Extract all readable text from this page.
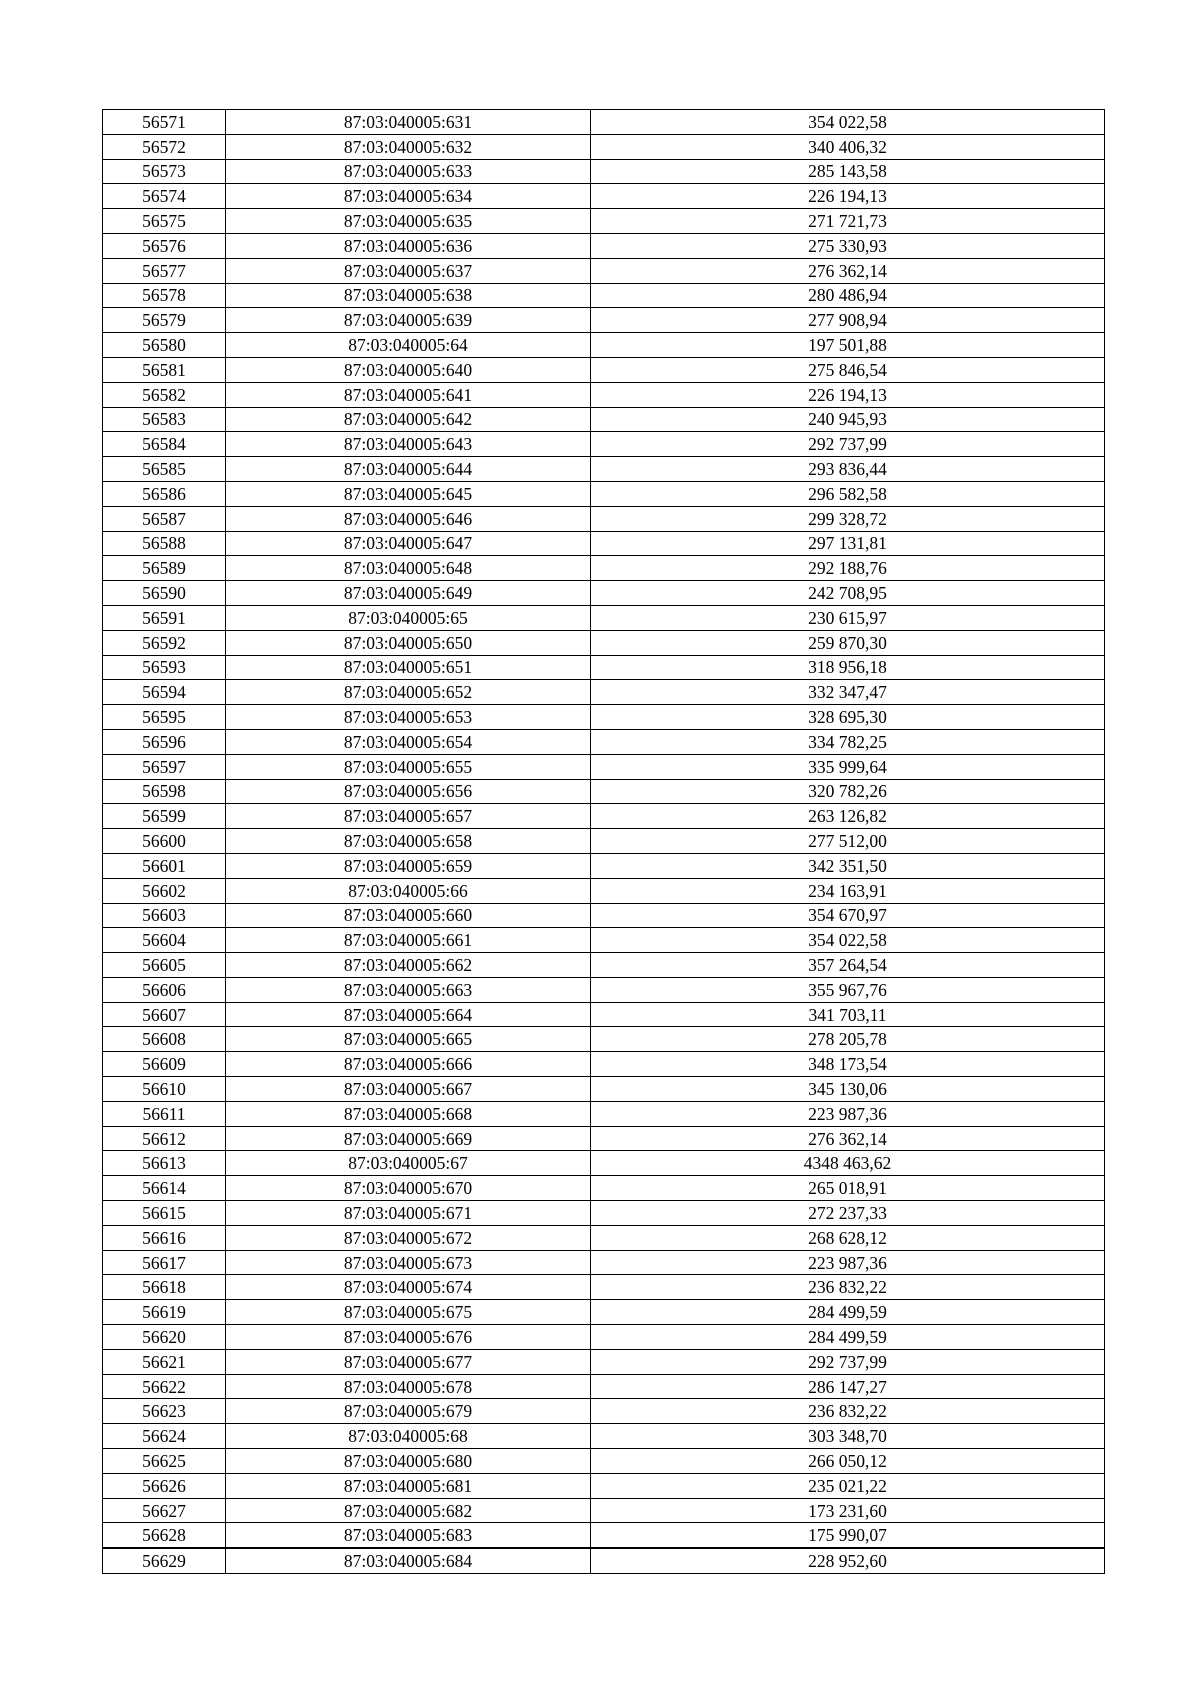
56571	87:03:040005:631	354 022,58
56572	87:03:040005:632	340 406,32
56573	87:03:040005:633	285 143,58
56574	87:03:040005:634	226 194,13
56575	87:03:040005:635	271 721,73
56576	87:03:040005:636	275 330,93
56577	87:03:040005:637	276 362,14
56578	87:03:040005:638	280 486,94
56579	87:03:040005:639	277 908,94
56580	87:03:040005:64	197 501,88
56581	87:03:040005:640	275 846,54
56582	87:03:040005:641	226 194,13
56583	87:03:040005:642	240 945,93
56584	87:03:040005:643	292 737,99
56585	87:03:040005:644	293 836,44
56586	87:03:040005:645	296 582,58
56587	87:03:040005:646	299 328,72
56588	87:03:040005:647	297 131,81
56589	87:03:040005:648	292 188,76
56590	87:03:040005:649	242 708,95
56591	87:03:040005:65	230 615,97
56592	87:03:040005:650	259 870,30
56593	87:03:040005:651	318 956,18
56594	87:03:040005:652	332 347,47
56595	87:03:040005:653	328 695,30
56596	87:03:040005:654	334 782,25
56597	87:03:040005:655	335 999,64
56598	87:03:040005:656	320 782,26
56599	87:03:040005:657	263 126,82
56600	87:03:040005:658	277 512,00
56601	87:03:040005:659	342 351,50
56602	87:03:040005:66	234 163,91
56603	87:03:040005:660	354 670,97
56604	87:03:040005:661	354 022,58
56605	87:03:040005:662	357 264,54
56606	87:03:040005:663	355 967,76
56607	87:03:040005:664	341 703,11
56608	87:03:040005:665	278 205,78
56609	87:03:040005:666	348 173,54
56610	87:03:040005:667	345 130,06
56611	87:03:040005:668	223 987,36
56612	87:03:040005:669	276 362,14
56613	87:03:040005:67	4348 463,62
56614	87:03:040005:670	265 018,91
56615	87:03:040005:671	272 237,33
56616	87:03:040005:672	268 628,12
56617	87:03:040005:673	223 987,36
56618	87:03:040005:674	236 832,22
56619	87:03:040005:675	284 499,59
56620	87:03:040005:676	284 499,59
56621	87:03:040005:677	292 737,99
56622	87:03:040005:678	286 147,27
56623	87:03:040005:679	236 832,22
56624	87:03:040005:68	303 348,70
56625	87:03:040005:680	266 050,12
56626	87:03:040005:681	235 021,22
56627	87:03:040005:682	173 231,60
56628	87:03:040005:683	175 990,07
56629	87:03:040005:684	228 952,60
